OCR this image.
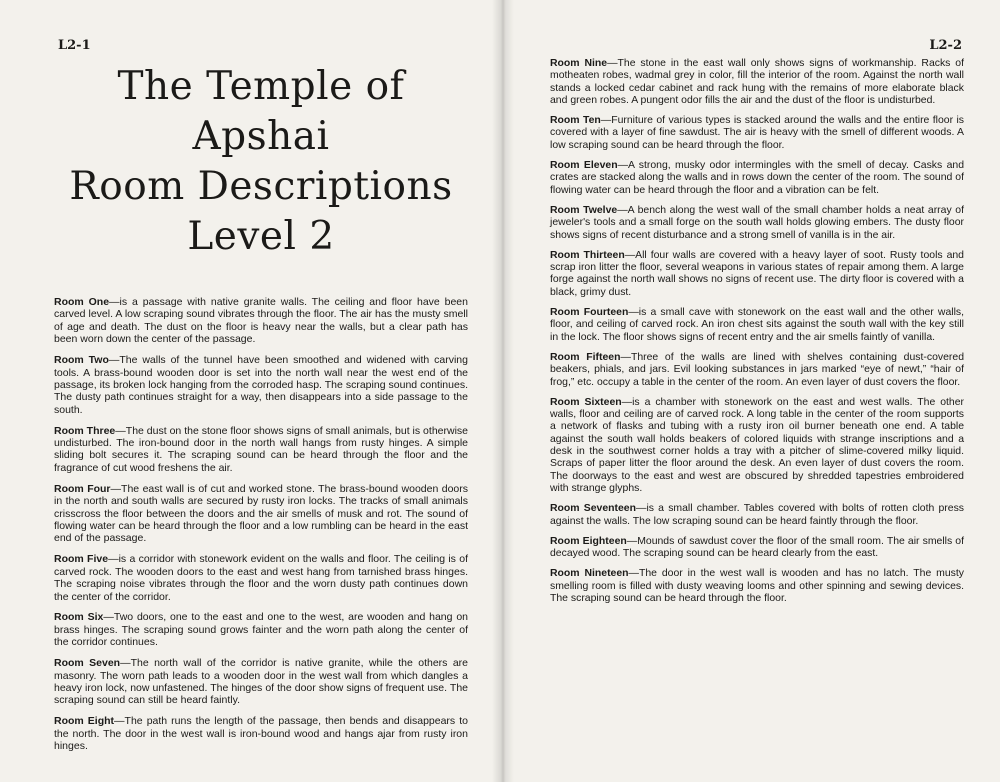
L2-1
The Temple of Apshai
Room Descriptions
Level 2

Room One—is a passage with native granite walls. The ceiling and floor have been carved level. A low scraping sound vibrates through the floor. The air has the musty smell of age and death. The dust on the floor is heavy near the walls, but a clear path has been worn down the center of the passage.

Room Two—The walls of the tunnel have been smoothed and widened with carving tools. A brass-bound wooden door is set into the north wall near the west end of the passage, its broken lock hanging from the corroded hasp. The scraping sound continues. The dusty path continues straight for a way, then disappears into a side passage to the south.

Room Three—The dust on the stone floor shows signs of small animals, but is otherwise undisturbed. The iron-bound door in the north wall hangs from rusty hinges. A simple sliding bolt secures it. The scraping sound can be heard through the floor and the fragrance of cut wood freshens the air.

Room Four—The east wall is of cut and worked stone. The brass-bound wooden doors in the north and south walls are secured by rusty iron locks. The tracks of small animals crisscross the floor between the doors and the air smells of musk and rot. The sound of flowing water can be heard through the floor and a low rumbling can be heard in the east end of the passage.

Room Five—is a corridor with stonework evident on the walls and floor. The ceiling is of carved rock. The wooden doors to the east and west hang from tarnished brass hinges. The scraping noise vibrates through the floor and the worn dusty path continues down the center of the corridor.

Room Six—Two doors, one to the east and one to the west, are wooden and hang on brass hinges. The scraping sound grows fainter and the worn path along the center of the corridor continues.

Room Seven—The north wall of the corridor is native granite, while the others are masonry. The worn path leads to a wooden door in the west wall from which dangles a heavy iron lock, now unfastened. The hinges of the door show signs of frequent use. The scraping sound can still be heard faintly.

Room Eight—The path runs the length of the passage, then bends and disappears to the north. The door in the west wall is iron-bound wood and hangs ajar from rusty iron hinges.

L2-2

Room Nine—The stone in the east wall only shows signs of workmanship. Racks of motheaten robes, wadmal grey in color, fill the interior of the room. Against the north wall stands a locked cedar cabinet and rack hung with the remains of more elaborate black and green robes. A pungent odor fills the air and the dust of the floor is undisturbed.

Room Ten—Furniture of various types is stacked around the walls and the entire floor is covered with a layer of fine sawdust. The air is heavy with the smell of different woods. A low scraping sound can be heard through the floor.

Room Eleven—A strong, musky odor intermingles with the smell of decay. Casks and crates are stacked along the walls and in rows down the center of the room. The sound of flowing water can be heard through the floor and a vibration can be felt.

Room Twelve—A bench along the west wall of the small chamber holds a neat array of jeweler's tools and a small forge on the south wall holds glowing embers. The dusty floor shows signs of recent disturbance and a strong smell of vanilla is in the air.

Room Thirteen—All four walls are covered with a heavy layer of soot. Rusty tools and scrap iron litter the floor, several weapons in various states of repair among them. A large forge against the north wall shows no signs of recent use. The dirty floor is covered with a black, grimy dust.

Room Fourteen—is a small cave with stonework on the east wall and the other walls, floor, and ceiling of carved rock. An iron chest sits against the south wall with the key still in the lock. The floor shows signs of recent entry and the air smells faintly of vanilla.

Room Fifteen—Three of the walls are lined with shelves containing dust-covered beakers, phials, and jars. Evil looking substances in jars marked “eye of newt,” “hair of frog,” etc. occupy a table in the center of the room. An even layer of dust covers the floor.

Room Sixteen—is a chamber with stonework on the east and west walls. The other walls, floor and ceiling are of carved rock. A long table in the center of the room supports a network of flasks and tubing with a rusty iron oil burner beneath one end. A table against the south wall holds beakers of colored liquids with strange inscriptions and a desk in the southwest corner holds a tray with a pitcher of slime-covered milky liquid. Scraps of paper litter the floor around the desk. An even layer of dust covers the room. The doorways to the east and west are obscured by shredded tapestries embroidered with strange glyphs.

Room Seventeen—is a small chamber. Tables covered with bolts of rotten cloth press against the walls. The low scraping sound can be heard faintly through the floor.

Room Eighteen—Mounds of sawdust cover the floor of the small room. The air smells of decayed wood. The scraping sound can be heard clearly from the east.

Room Nineteen—The door in the west wall is wooden and has no latch. The musty smelling room is filled with dusty weaving looms and other spinning and sewing devices. The scraping sound can be heard through the floor.
